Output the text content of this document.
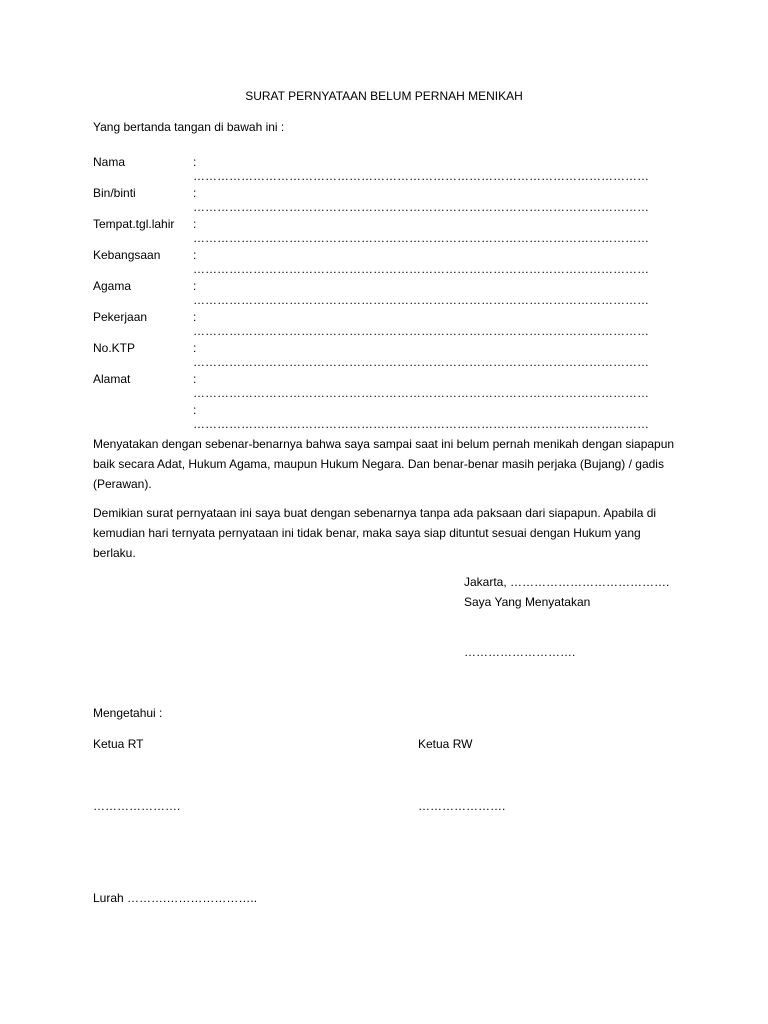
SURAT PERNYATAAN BELUM PERNAH MENIKAH
Yang bertanda tangan di bawah ini :
Nama	: ……………………………………………………………………………………………………
Bin/binti	: ……………………………………………………………………………………………………
Tempat.tgl.lahir : ……………………………………………………………………………………………………
Kebangsaan	: ……………………………………………………………………………………………………
Agama	: ……………………………………………………………………………………………………
Pekerjaan	: ……………………………………………………………………………………………………
No.KTP	: ……………………………………………………………………………………………………
Alamat	: ……………………………………………………………………………………………………
: ……………………………………………………………………………………………………
Menyatakan dengan sebenar-benarnya bahwa saya sampai saat ini belum pernah menikah dengan siapapun baik secara Adat, Hukum Agama, maupun Hukum Negara. Dan benar-benar masih perjaka (Bujang) / gadis (Perawan).
Demikian surat pernyataan ini saya buat dengan sebenarnya tanpa ada paksaan dari siapapun. Apabila di kemudian hari ternyata pernyataan ini tidak benar, maka saya siap dituntut sesuai dengan Hukum yang berlaku.
Jakarta, ………………………………….
Saya Yang Menyatakan
……………………….
Mengetahui :
Ketua RT	Ketua RW
………………….	………………….
Lurah ……….…………………..
